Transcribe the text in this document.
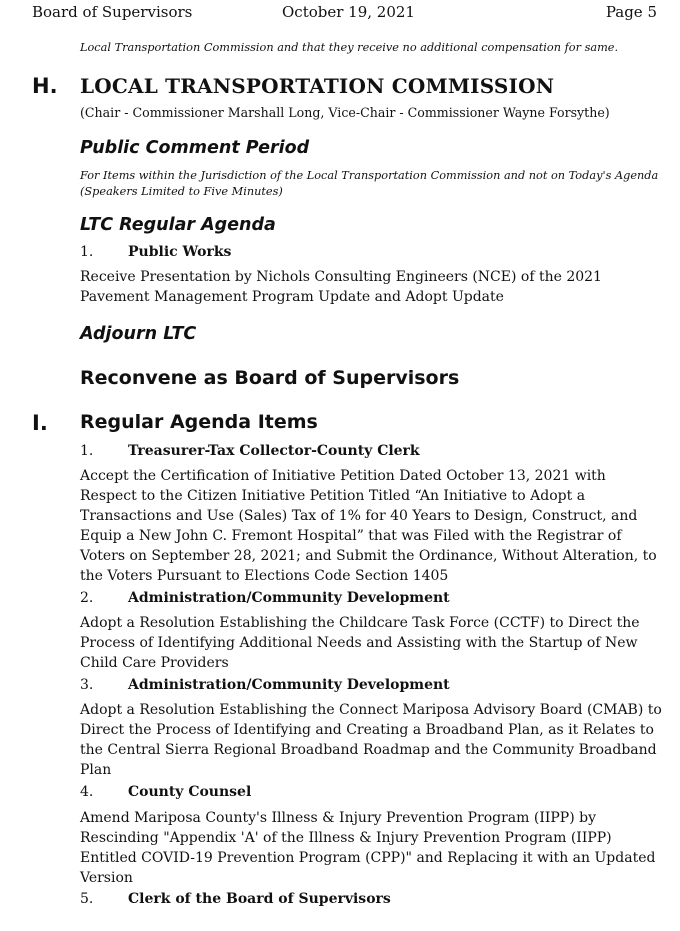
Board of Supervisors	October 19, 2021	Page 5
Local Transportation Commission and that they receive no additional compensation for same.
H. LOCAL TRANSPORTATION COMMISSION
(Chair - Commissioner Marshall Long, Vice-Chair - Commissioner Wayne Forsythe)
Public Comment Period
For Items within the Jurisdiction of the Local Transportation Commission and not on Today's Agenda (Speakers Limited to Five Minutes)
LTC Regular Agenda
1. Public Works
Receive Presentation by Nichols Consulting Engineers (NCE) of the 2021 Pavement Management Program Update and Adopt Update
Adjourn LTC
Reconvene as Board of Supervisors
I. Regular Agenda Items
1. Treasurer-Tax Collector-County Clerk
Accept the Certification of Initiative Petition Dated October 13, 2021 with Respect to the Citizen Initiative Petition Titled “An Initiative to Adopt a Transactions and Use (Sales) Tax of 1% for 40 Years to Design, Construct, and Equip a New John C. Fremont Hospital” that was Filed with the Registrar of Voters on September 28, 2021; and Submit the Ordinance, Without Alteration, to the Voters Pursuant to Elections Code Section 1405
2. Administration/Community Development
Adopt a Resolution Establishing the Childcare Task Force (CCTF) to Direct the Process of Identifying Additional Needs and Assisting with the Startup of New Child Care Providers
3. Administration/Community Development
Adopt a Resolution Establishing the Connect Mariposa Advisory Board (CMAB) to Direct the Process of Identifying and Creating a Broadband Plan, as it Relates to the Central Sierra Regional Broadband Roadmap and the Community Broadband Plan
4. County Counsel
Amend Mariposa County's Illness & Injury Prevention Program (IIPP) by Rescinding "Appendix 'A' of the Illness & Injury Prevention Program (IIPP) Entitled COVID-19 Prevention Program (CPP)" and Replacing it with an Updated Version
5. Clerk of the Board of Supervisors
